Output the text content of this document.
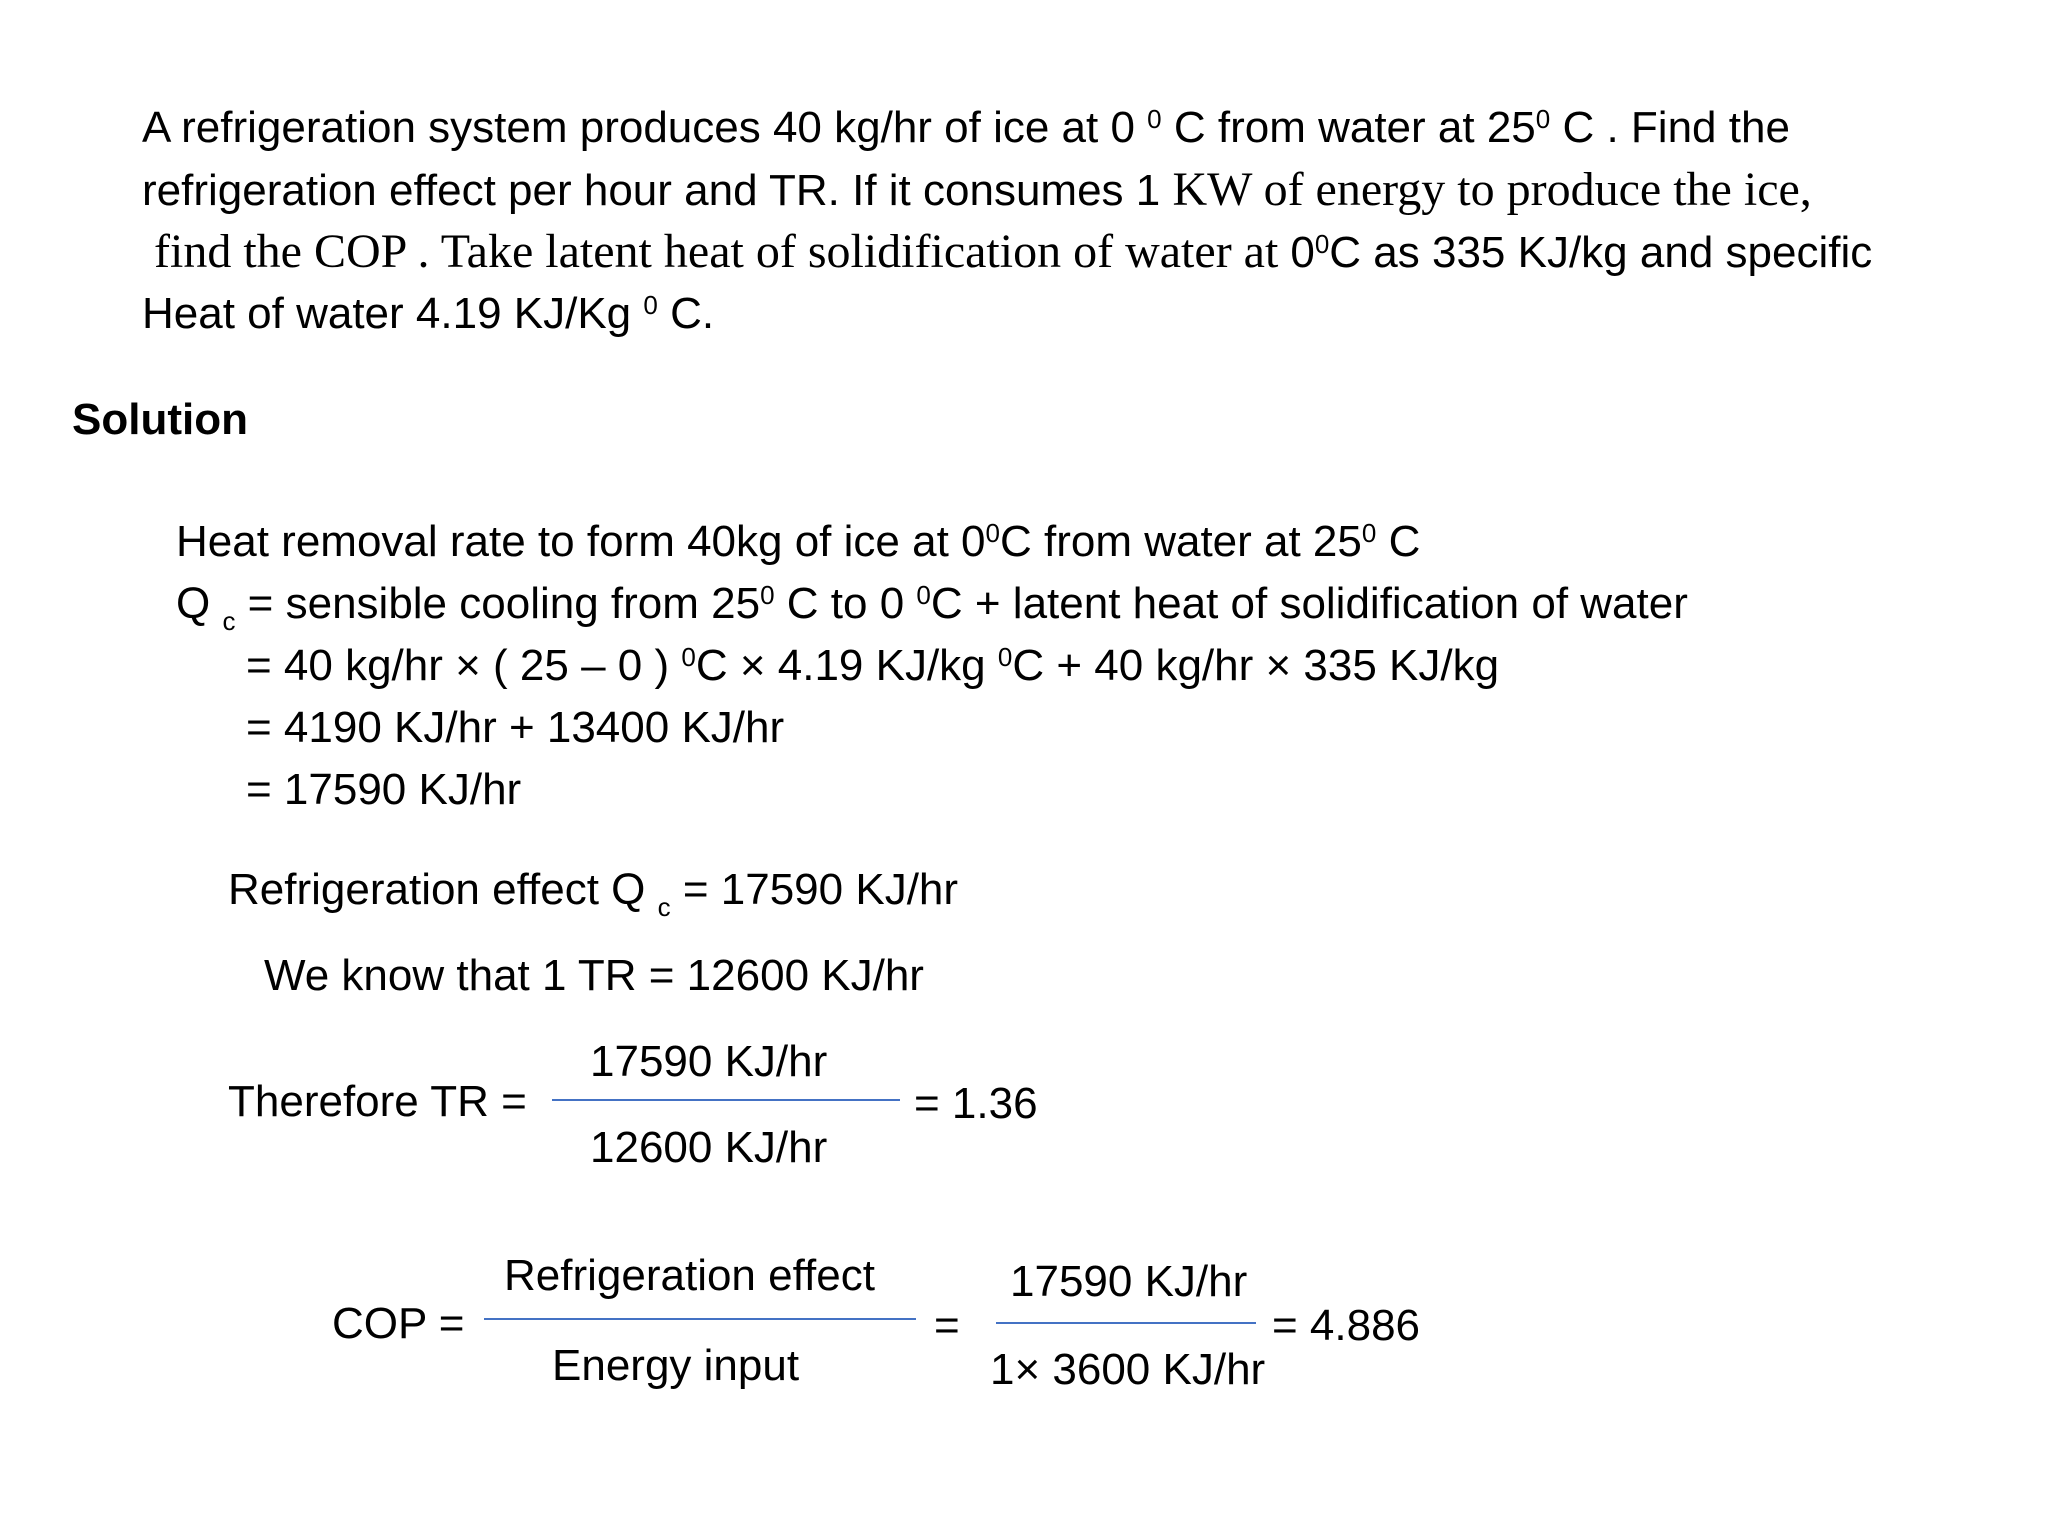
A refrigeration system produces 40 kg/hr of ice at 0 $^0$ C from water at $25^0$ C . Find the
refrigeration effect per hour and TR. If it consumes 1 KW of energy to produce the ice,
find the COP . Take latent heat of solidification of water at $0^0C$ as 335 KJ/kg and specific
Heat of water 4.19 KJ/Kg $^0$ C.
Solution
Heat removal rate to form 40kg of ice at $0^0C$ from water at $25^0$ C
Q $_c$ = sensible cooling from $25^0$ C to 0 $^0$C + latent heat of solidification of water
= 40 kg/hr × ( 25 – 0 ) $^0$C × 4.19 KJ/kg $^0$C + 40 kg/hr × 335 KJ/kg
= 4190 KJ/hr + 13400 KJ/hr
= 17590 KJ/hr
Refrigeration effect Q $_c$ = 17590 KJ/hr
We know that 1 TR = 12600 KJ/hr
Therefore TR =
17590 KJ/hr
12600 KJ/hr
= 1.36
COP =
Refrigeration effect
Energy input
=
17590 KJ/hr
1× 3600 KJ/hr
= 4.886
